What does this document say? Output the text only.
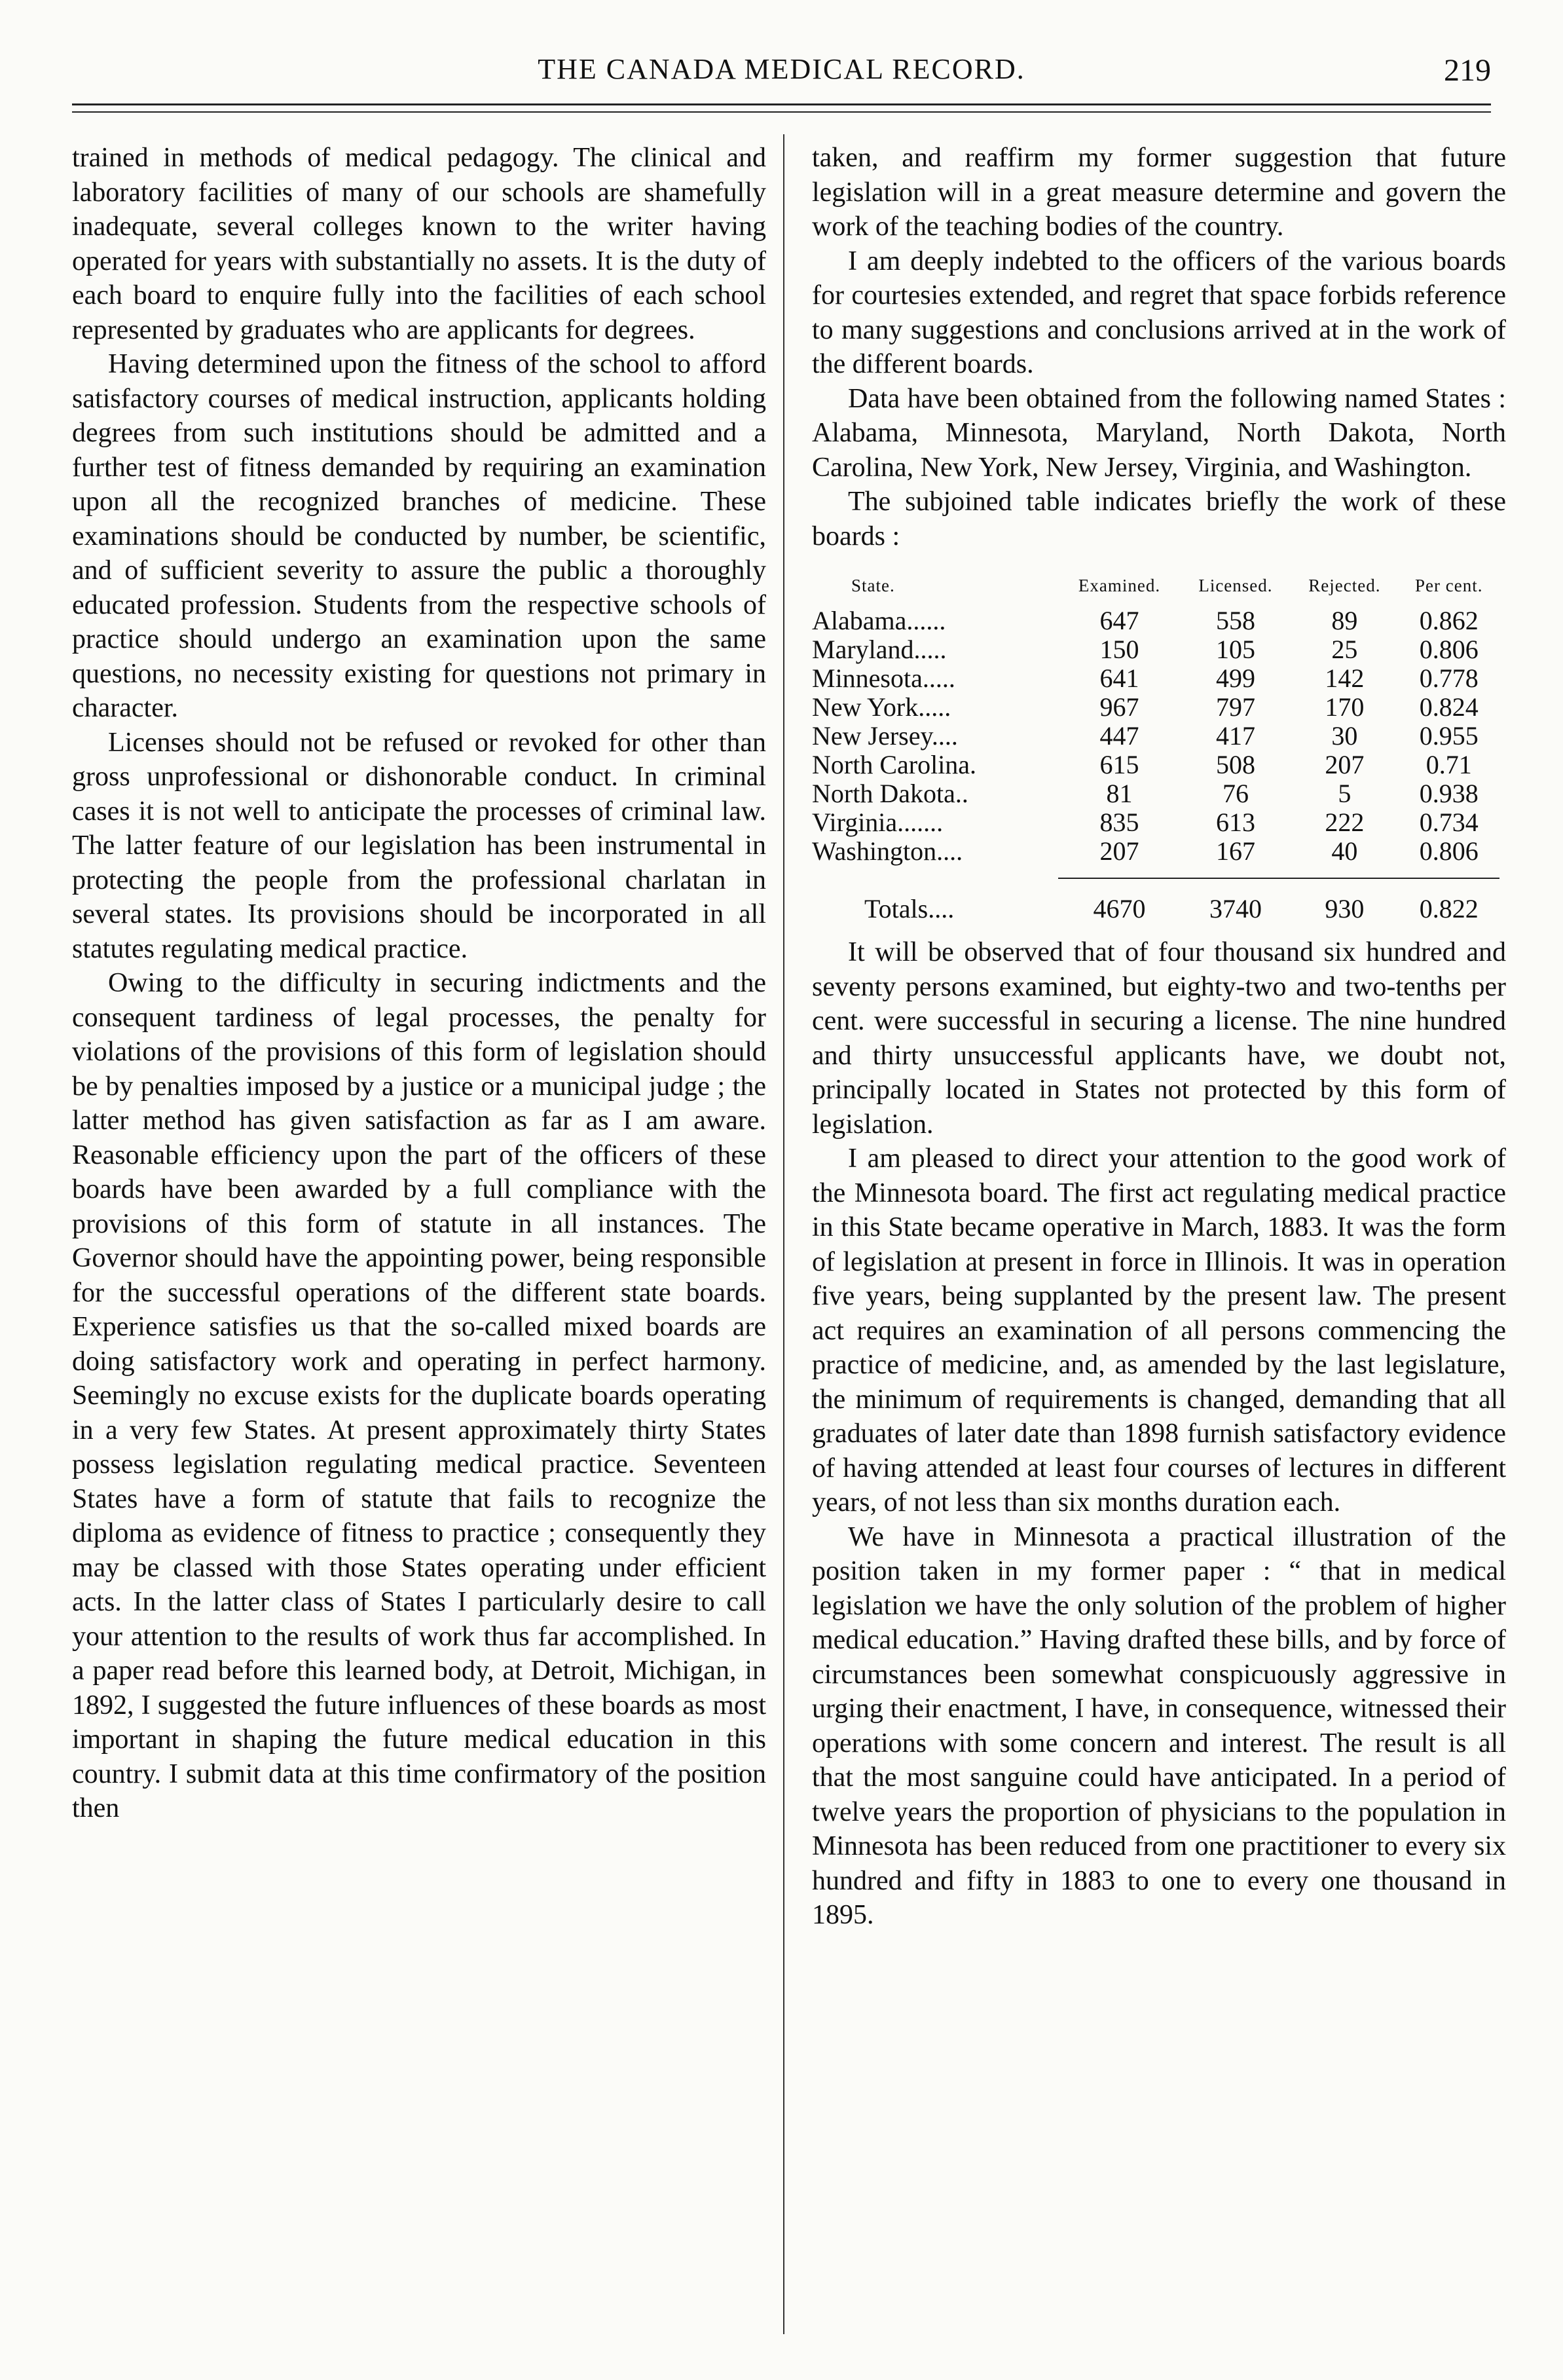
THE CANADA MEDICAL RECORD.	219

trained in methods of medical pedagogy. The clinical and laboratory facilities of many of our schools are shamefully inadequate, several colleges known to the writer having operated for years with substantially no assets. It is the duty of each board to enquire fully into the facilities of each school represented by graduates who are applicants for degrees.

Having determined upon the fitness of the school to afford satisfactory courses of medical instruction, applicants holding degrees from such institutions should be admitted and a further test of fitness demanded by requiring an examination upon all the recognized branches of medicine. These examinations should be conducted by number, be scientific, and of sufficient severity to assure the public a thoroughly educated profession. Students from the respective schools of practice should undergo an examination upon the same questions, no necessity existing for questions not primary in character.

Licenses should not be refused or revoked for other than gross unprofessional or dishonorable conduct. In criminal cases it is not well to anticipate the processes of criminal law. The latter feature of our legislation has been instrumental in protecting the people from the professional charlatan in several states. Its provisions should be incorporated in all statutes regulating medical practice.

Owing to the difficulty in securing indictments and the consequent tardiness of legal processes, the penalty for violations of the provisions of this form of legislation should be by penalties imposed by a justice or a municipal judge ; the latter method has given satisfaction as far as I am aware. Reasonable efficiency upon the part of the officers of these boards have been awarded by a full compliance with the provisions of this form of statute in all instances. The Governor should have the appointing power, being responsible for the successful operations of the different state boards. Experience satisfies us that the so-called mixed boards are doing satisfactory work and operating in perfect harmony. Seemingly no excuse exists for the duplicate boards operating in a very few States. At present approximately thirty States possess legislation regulating medical practice. Seventeen States have a form of statute that fails to recognize the diploma as evidence of fitness to practice ; consequently they may be classed with those States operating under efficient acts. In the latter class of States I particularly desire to call your attention to the results of work thus far accomplished. In a paper read before this learned body, at Detroit, Michigan, in 1892, I suggested the future influences of these boards as most important in shaping the future medical education in this country. I submit data at this time confirmatory of the position then

taken, and reaffirm my former suggestion that future legislation will in a great measure determine and govern the work of the teaching bodies of the country.

I am deeply indebted to the officers of the various boards for courtesies extended, and regret that space forbids reference to many suggestions and conclusions arrived at in the work of the different boards.

Data have been obtained from the following named States : Alabama, Minnesota, Maryland, North Dakota, North Carolina, New York, New Jersey, Virginia, and Washington.

The subjoined table indicates briefly the work of these boards :

State.	Examined.	Licensed.	Rejected.	Per cent.
Alabama......	647	558	89	0.862
Maryland.....	150	105	25	0.806
Minnesota.....	641	499	142	0.778
New York.....	967	797	170	0.824
New Jersey....	447	417	30	0.955
North Carolina.	615	508	207	0.71
North Dakota..	81	76	5	0.938
Virginia.......	835	613	222	0.734
Washington....	207	167	40	0.806

Totals....	4670	3740	930	0.822

It will be observed that of four thousand six hundred and seventy persons examined, but eighty-two and two-tenths per cent. were successful in securing a license. The nine hundred and thirty unsuccessful applicants have, we doubt not, principally located in States not protected by this form of legislation.

I am pleased to direct your attention to the good work of the Minnesota board. The first act regulating medical practice in this State became operative in March, 1883. It was the form of legislation at present in force in Illinois. It was in operation five years, being supplanted by the present law. The present act requires an examination of all persons commencing the practice of medicine, and, as amended by the last legislature, the minimum of requirements is changed, demanding that all graduates of later date than 1898 furnish satisfactory evidence of having attended at least four courses of lectures in different years, of not less than six months duration each.

We have in Minnesota a practical illustration of the position taken in my former paper : “ that in medical legislation we have the only solution of the problem of higher medical education.” Having drafted these bills, and by force of circumstances been somewhat conspicuously aggressive in urging their enactment, I have, in consequence, witnessed their operations with some concern and interest. The result is all that the most sanguine could have anticipated. In a period of twelve years the proportion of physicians to the population in Minnesota has been reduced from one practitioner to every six hundred and fifty in 1883 to one to every one thousand in 1895.
